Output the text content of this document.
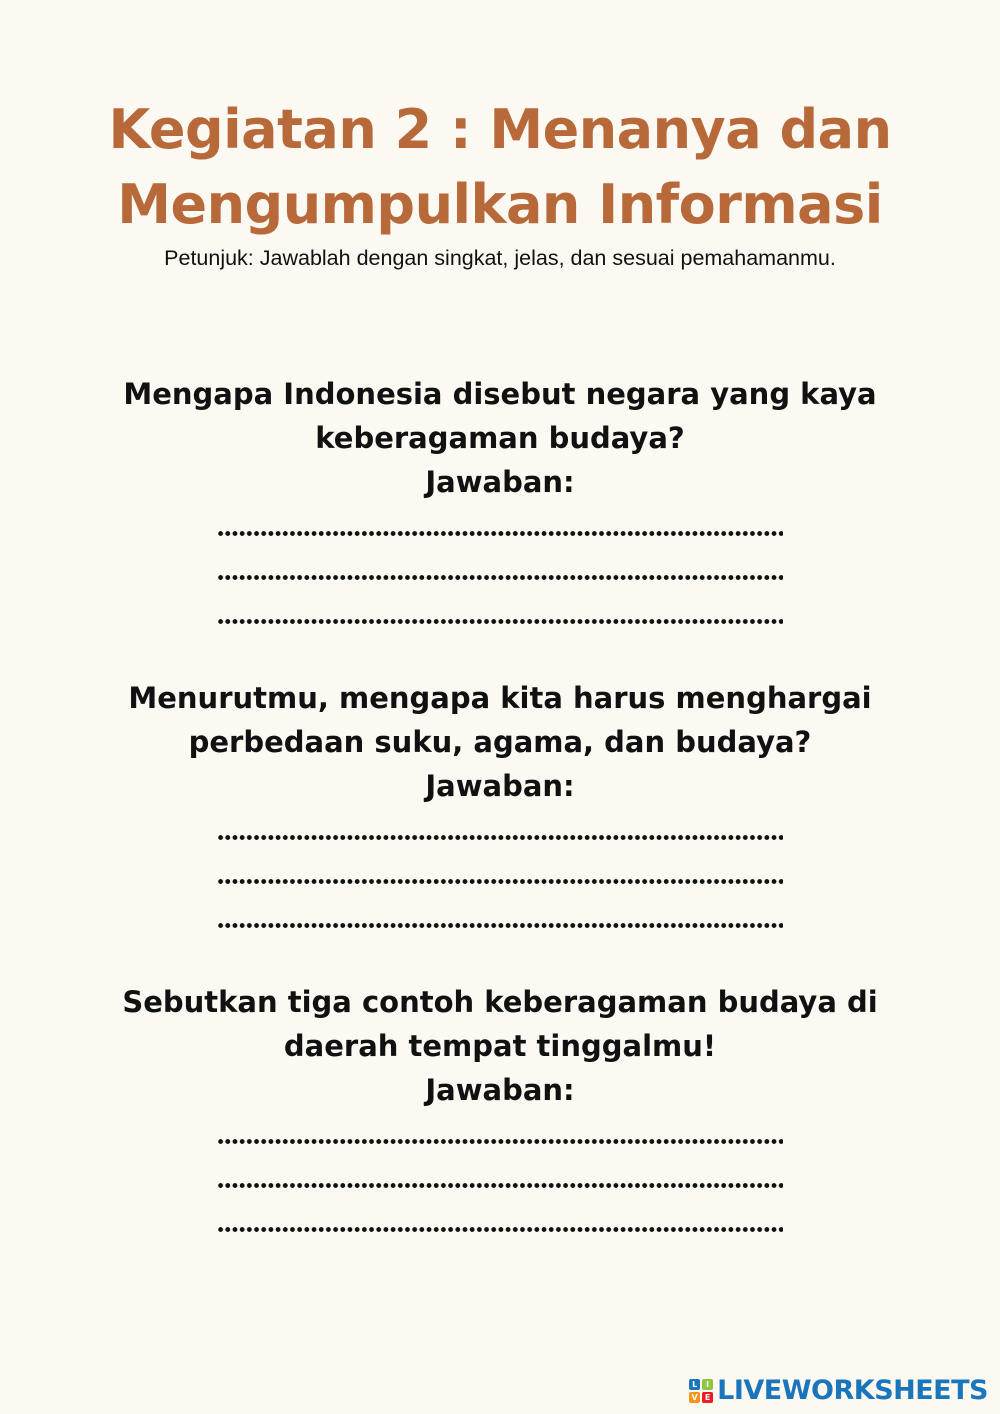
Kegiatan 2 : Menanya dan
Mengumpulkan Informasi
Petunjuk: Jawablah dengan singkat, jelas, dan sesuai pemahamanmu.
Mengapa Indonesia disebut negara yang kaya
keberagaman budaya?
Jawaban:
Menurutmu, mengapa kita harus menghargai
perbedaan suku, agama, dan budaya?
Jawaban:
Sebutkan tiga contoh keberagaman budaya di
daerah tempat tinggalmu!
Jawaban:
L	I
V E LIVEWORKSHEETS
